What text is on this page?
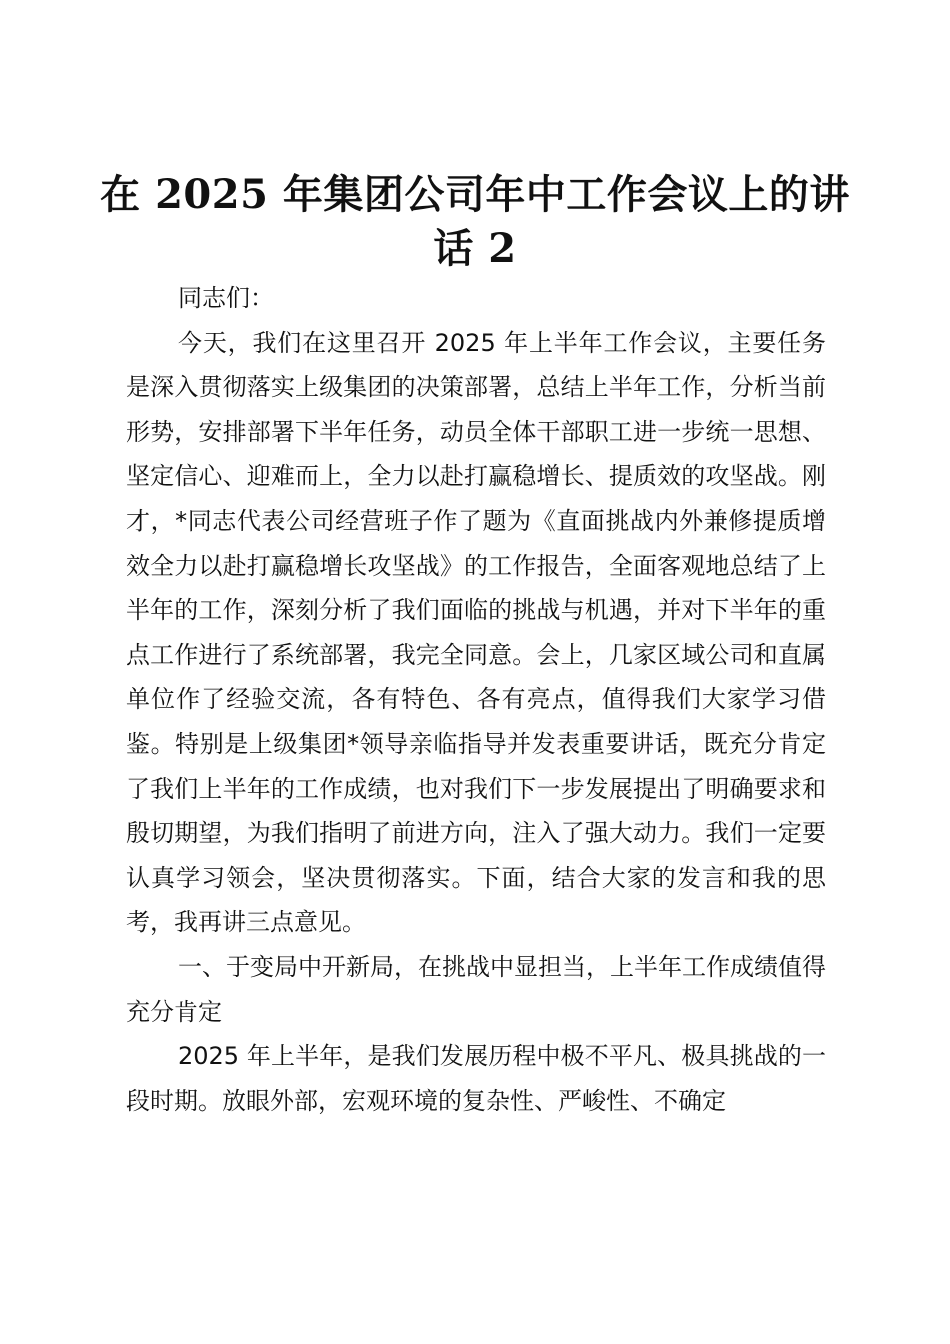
在 2025 年集团公司年中工作会议上的讲话 2

同志们：

今天，我们在这里召开 2025 年上半年工作会议，主要任务是深入贯彻落实上级集团的决策部署，总结上半年工作，分析当前形势，安排部署下半年任务，动员全体干部职工进一步统一思想、坚定信心、迎难而上，全力以赴打赢稳增长、提质效的攻坚战。刚才，*同志代表公司经营班子作了题为《直面挑战内外兼修提质增效全力以赴打赢稳增长攻坚战》的工作报告，全面客观地总结了上半年的工作，深刻分析了我们面临的挑战与机遇，并对下半年的重点工作进行了系统部署，我完全同意。会上，几家区域公司和直属单位作了经验交流，各有特色、各有亮点，值得我们大家学习借鉴。特别是上级集团*领导亲临指导并发表重要讲话，既充分肯定了我们上半年的工作成绩，也对我们下一步发展提出了明确要求和殷切期望，为我们指明了前进方向，注入了强大动力。我们一定要认真学习领会，坚决贯彻落实。下面，结合大家的发言和我的思考，我再讲三点意见。

一、于变局中开新局，在挑战中显担当，上半年工作成绩值得充分肯定

2025 年上半年，是我们发展历程中极不平凡、极具挑战的一段时期。放眼外部，宏观环境的复杂性、严峻性、不确定
